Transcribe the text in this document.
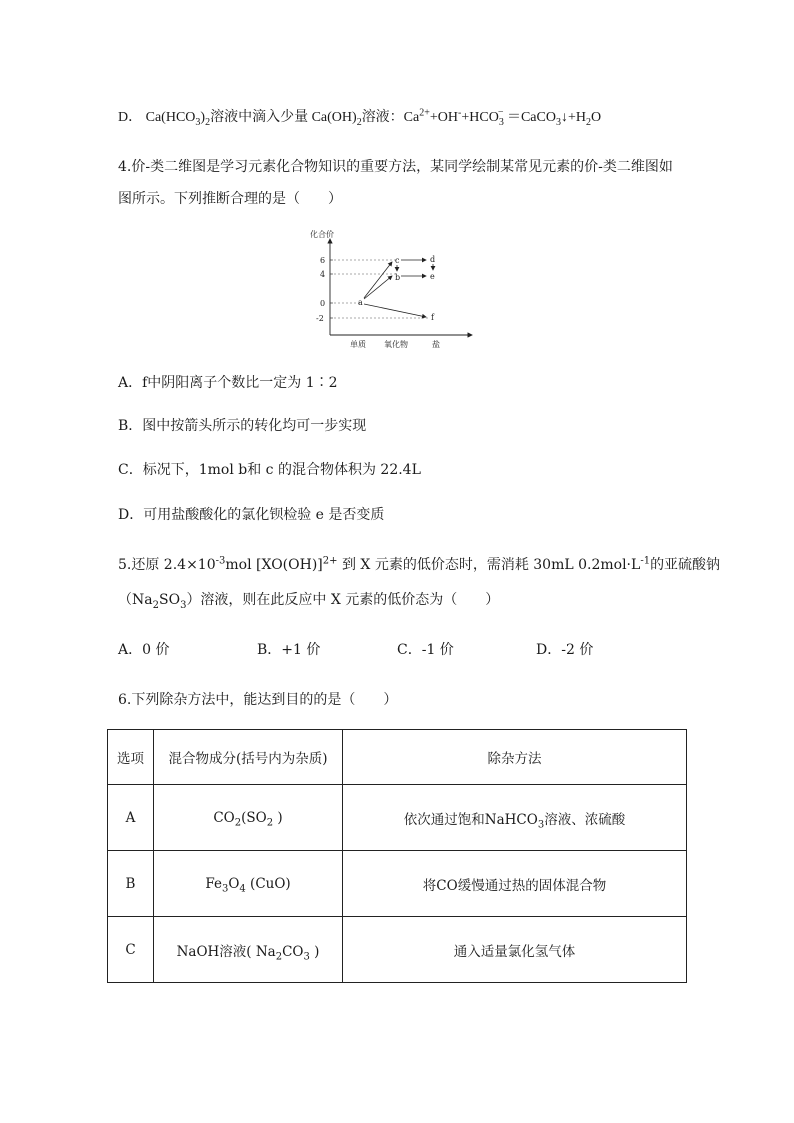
D． $Ca(HCO_3)_2$溶液中滴入少量 $Ca(OH)_2$溶液：$Ca^{2+}+OH^-+HCO_3^-$ $=CaCO_3↓+H_2O$
4.价-类二维图是学习元素化合物知识的重要方法，某同学绘制某常见元素的价-类二维图如
图所示。下列推断合理的是（　　）
化合价
6
4
0
-2
单质 氧化物	盐
a
b
c	d
e
f
A．f中阴阳离子个数比一定为 1∶2
B．图中按箭头所示的转化均可一步实现
C．标况下，1mol b和 c 的混合物体积为 22.4L
D．可用盐酸酸化的氯化钡检验 e 是否变质
5.还原 $2.4\times 10^{-3}mol$ $[XO(OH)]^{2+}$ 到 X 元素的低价态时，需消耗 30mL $0.2mol\cdot L^{-1}$的亚硫酸钠
$(Na_2SO_3)$溶液，则在此反应中 X 元素的低价态为（　　）
A．0 价	B．+1 价	C．-1 价	D．-2 价
6.下列除杂方法中，能达到目的的是（　　）
选项	混合物成分(括号内为杂质)	除杂方法
A	$CO_2(SO_2$ )	依次通过饱和NaHCO$_3$溶液、浓硫酸
B	$Fe_3O_4$ (CuO)	将CO缓慢通过热的固体混合物
C	NaOH溶液( $Na_2CO_3$ )	通入适量氯化氢气体
